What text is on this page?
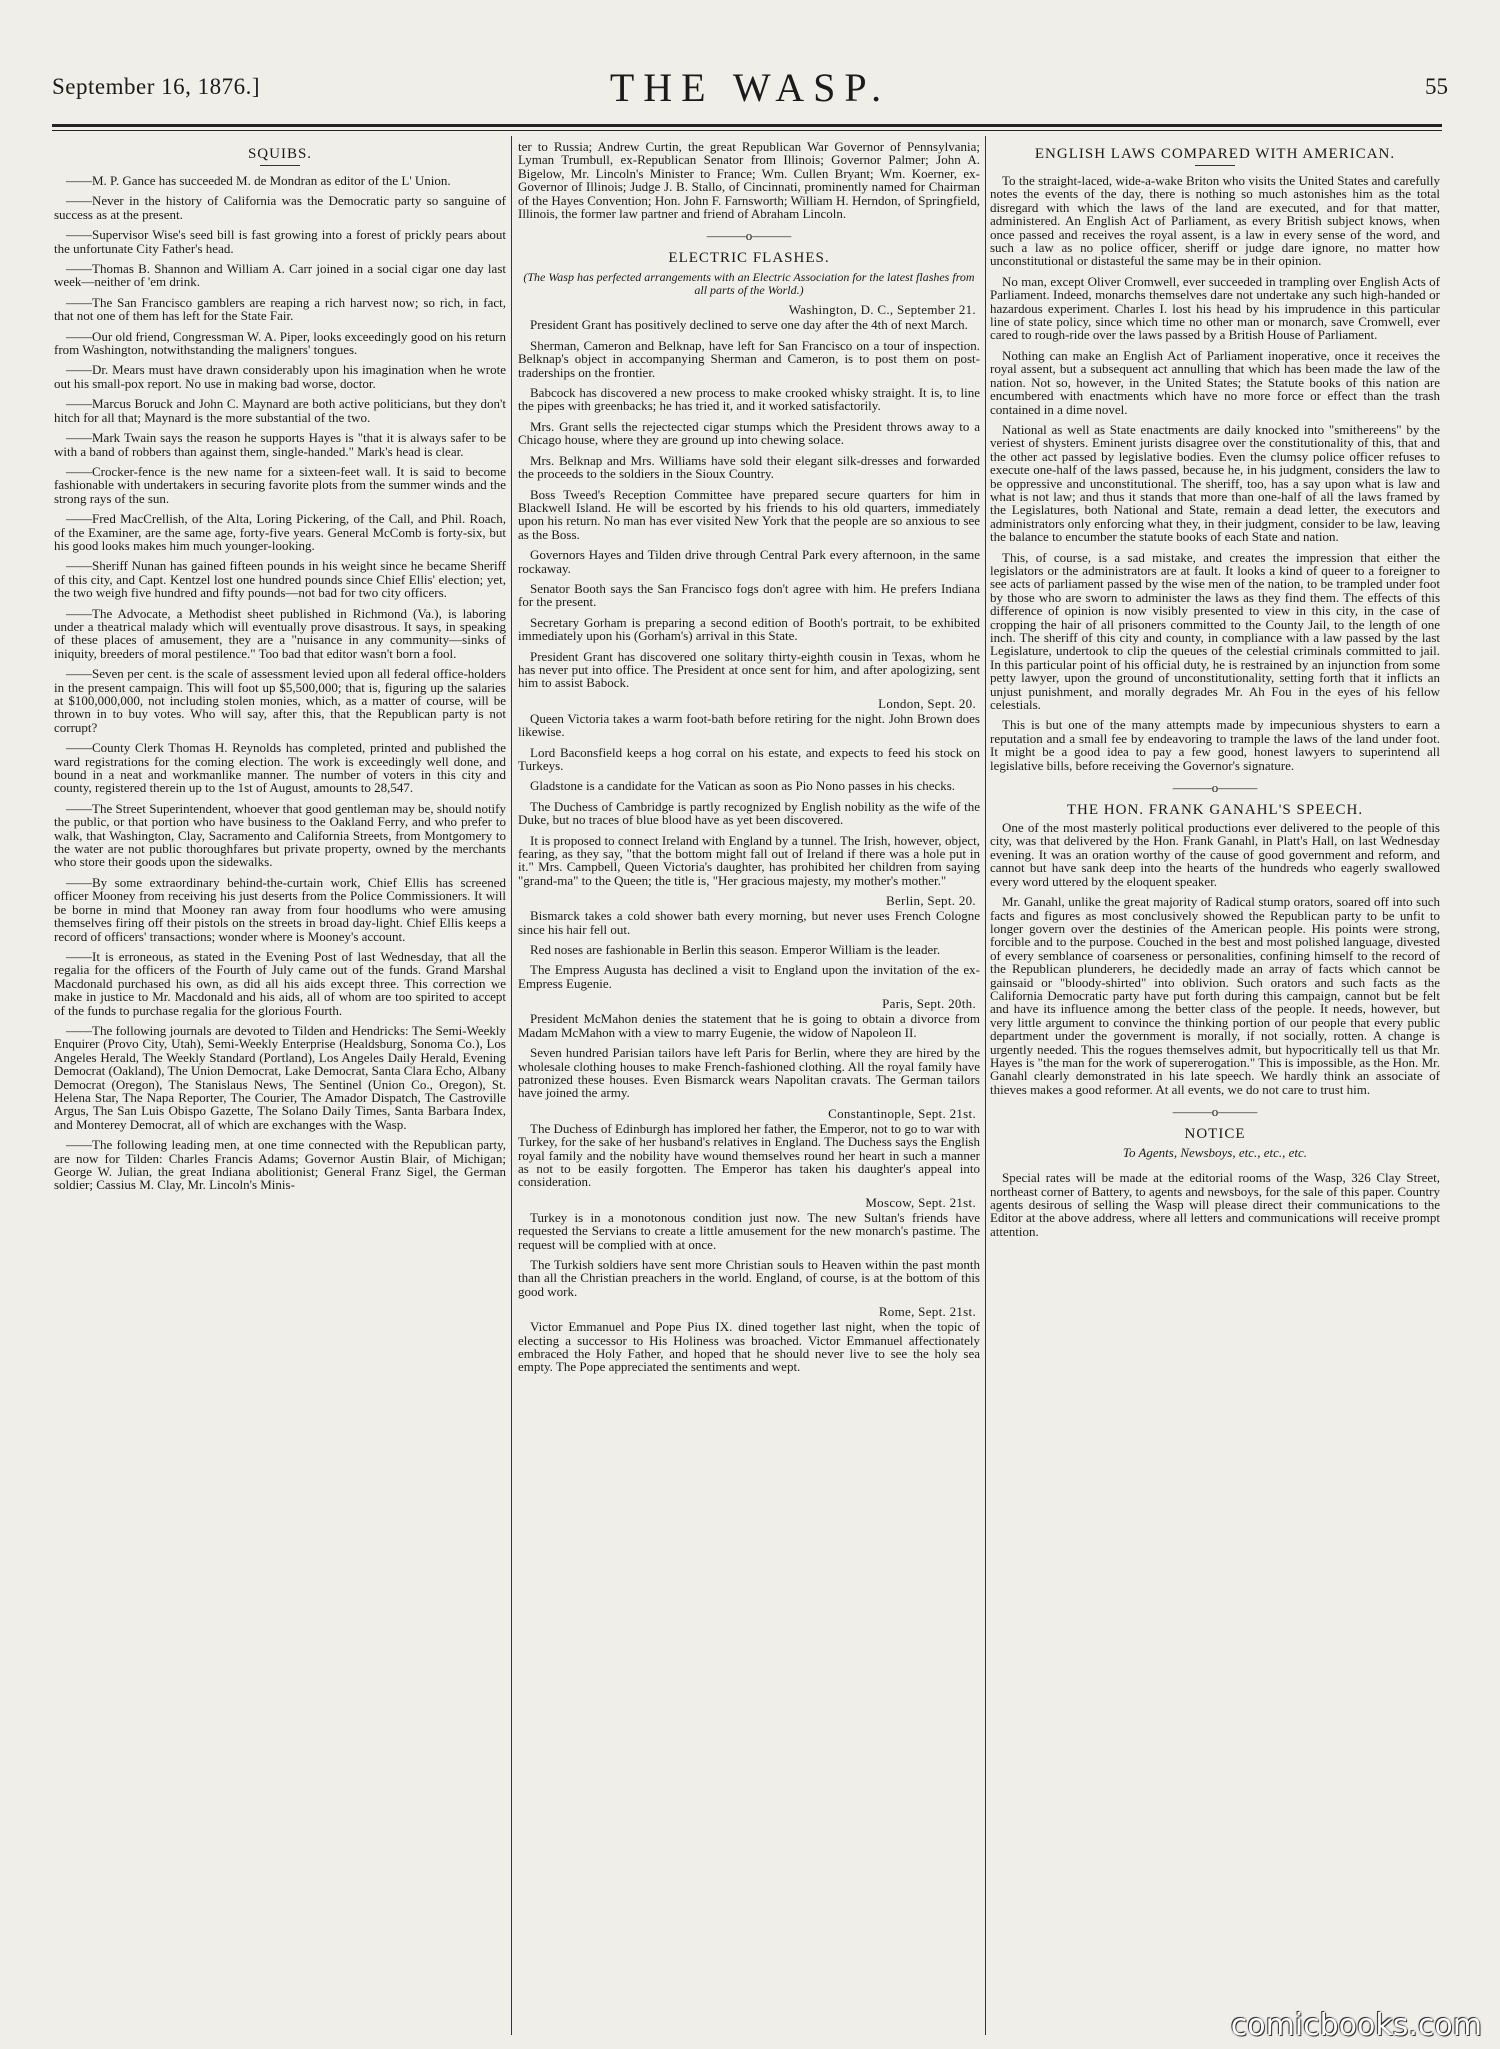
September 16, 1876.]	THE WASP.	55
SQUIBS.

——M. P. Gance has succeeded M. de Mondran as editor of the L' Union.

——Never in the history of California was the Democratic party so sanguine of success as at the present.

——Supervisor Wise's seed bill is fast growing into a forest of prickly pears about the unfortunate City Father's head.

——Thomas B. Shannon and William A. Carr joined in a social cigar one day last week—neither of 'em drink.

——The San Francisco gamblers are reaping a rich harvest now; so rich, in fact, that not one of them has left for the State Fair.

——Our old friend, Congressman W. A. Piper, looks exceedingly good on his return from Washington, notwithstanding the maligners' tongues.

——Dr. Mears must have drawn considerably upon his imagination when he wrote out his small-pox report. No use in making bad worse, doctor.

——Marcus Boruck and John C. Maynard are both active politicians, but they don't hitch for all that; Maynard is the more substantial of the two.

——Mark Twain says the reason he supports Hayes is "that it is always safer to be with a band of robbers than against them, single-handed." Mark's head is clear.

——Crocker-fence is the new name for a sixteen-feet wall. It is said to become fashionable with undertakers in securing favorite plots from the summer winds and the strong rays of the sun.

——Fred MacCrellish, of the Alta, Loring Pickering, of the Call, and Phil. Roach, of the Examiner, are the same age, forty-five years. General McComb is forty-six, but his good looks makes him much younger-looking.

——Sheriff Nunan has gained fifteen pounds in his weight since he became Sheriff of this city, and Capt. Kentzel lost one hundred pounds since Chief Ellis' election; yet, the two weigh five hundred and fifty pounds—not bad for two city officers.

——The Advocate, a Methodist sheet published in Richmond (Va.), is laboring under a theatrical malady which will eventually prove disastrous. It says, in speaking of these places of amusement, they are a "nuisance in any community—sinks of iniquity, breeders of moral pestilence." Too bad that editor wasn't born a fool.

——Seven per cent. is the scale of assessment levied upon all federal office-holders in the present campaign. This will foot up $5,500,000; that is, figuring up the salaries at $100,000,000, not including stolen monies, which, as a matter of course, will be thrown in to buy votes. Who will say, after this, that the Republican party is not corrupt?

——County Clerk Thomas H. Reynolds has completed, printed and published the ward registrations for the coming election. The work is exceedingly well done, and bound in a neat and workmanlike manner. The number of voters in this city and county, registered therein up to the 1st of August, amounts to 28,547.

——The Street Superintendent, whoever that good gentleman may be, should notify the public, or that portion who have business to the Oakland Ferry, and who prefer to walk, that Washington, Clay, Sacramento and California Streets, from Montgomery to the water are not public thoroughfares but private property, owned by the merchants who store their goods upon the sidewalks.

——By some extraordinary behind-the-curtain work, Chief Ellis has screened officer Mooney from receiving his just deserts from the Police Commissioners. It will be borne in mind that Mooney ran away from four hoodlums who were amusing themselves firing off their pistols on the streets in broad day-light. Chief Ellis keeps a record of officers' transactions; wonder where is Mooney's account.

——It is erroneous, as stated in the Evening Post of last Wednesday, that all the regalia for the officers of the Fourth of July came out of the funds. Grand Marshal Macdonald purchased his own, as did all his aids except three. This correction we make in justice to Mr. Macdonald and his aids, all of whom are too spirited to accept of the funds to purchase regalia for the glorious Fourth.

——The following journals are devoted to Tilden and Hendricks: The Semi-Weekly Enquirer (Provo City, Utah), Semi-Weekly Enterprise (Healdsburg, Sonoma Co.), Los Angeles Herald, The Weekly Standard (Portland), Los Angeles Daily Herald, Evening Democrat (Oakland), The Union Democrat, Lake Democrat, Santa Clara Echo, Albany Democrat (Oregon), The Stanislaus News, The Sentinel (Union Co., Oregon), St. Helena Star, The Napa Reporter, The Courier, The Amador Dispatch, The Castroville Argus, The San Luis Obispo Gazette, The Solano Daily Times, Santa Barbara Index, and Monterey Democrat, all of which are exchanges with the Wasp.

——The following leading men, at one time connected with the Republican party, are now for Tilden: Charles Francis Adams; Governor Austin Blair, of Michigan; George W. Julian, the great Indiana abolitionist; General Franz Sigel, the German soldier; Cassius M. Clay, Mr. Lincoln's Minis-

ter to Russia; Andrew Curtin, the great Republican War Governor of Pennsylvania; Lyman Trumbull, ex-Republican Senator from Illinois; Governor Palmer; John A. Bigelow, Mr. Lincoln's Minister to France; Wm. Cullen Bryant; Wm. Koerner, ex-Governor of Illinois; Judge J. B. Stallo, of Cincinnati, prominently named for Chairman of the Hayes Convention; Hon. John F. Farnsworth; William H. Herndon, of Springfield, Illinois, the former law partner and friend of Abraham Lincoln.

———o———
ELECTRIC FLASHES.

(The Wasp has perfected arrangements with an Electric Association for the latest flashes from all parts of the World.)

Washington, D. C., September 21.

President Grant has positively declined to serve one day after the 4th of next March.

Sherman, Cameron and Belknap, have left for San Francisco on a tour of inspection. Belknap's object in accompanying Sherman and Cameron, is to post them on post-traderships on the frontier.

Babcock has discovered a new process to make crooked whisky straight. It is, to line the pipes with greenbacks; he has tried it, and it worked satisfactorily.

Mrs. Grant sells the rejectected cigar stumps which the President throws away to a Chicago house, where they are ground up into chewing solace.

Mrs. Belknap and Mrs. Williams have sold their elegant silk-dresses and forwarded the proceeds to the soldiers in the Sioux Country.

Boss Tweed's Reception Committee have prepared secure quarters for him in Blackwell Island. He will be escorted by his friends to his old quarters, immediately upon his return. No man has ever visited New York that the people are so anxious to see as the Boss.

Governors Hayes and Tilden drive through Central Park every afternoon, in the same rockaway.

Senator Booth says the San Francisco fogs don't agree with him. He prefers Indiana for the present.

Secretary Gorham is preparing a second edition of Booth's portrait, to be exhibited immediately upon his (Gorham's) arrival in this State.

President Grant has discovered one solitary thirty-eighth cousin in Texas, whom he has never put into office. The President at once sent for him, and after apologizing, sent him to assist Babock.

London, Sept. 20.

Queen Victoria takes a warm foot-bath before retiring for the night. John Brown does likewise.

Lord Baconsfield keeps a hog corral on his estate, and expects to feed his stock on Turkeys.

Gladstone is a candidate for the Vatican as soon as Pio Nono passes in his checks.

The Duchess of Cambridge is partly recognized by English nobility as the wife of the Duke, but no traces of blue blood have as yet been discovered.

It is proposed to connect Ireland with England by a tunnel. The Irish, however, object, fearing, as they say, "that the bottom might fall out of Ireland if there was a hole put in it." Mrs. Campbell, Queen Victoria's daughter, has prohibited her children from saying "grand-ma" to the Queen; the title is, "Her gracious majesty, my mother's mother."

Berlin, Sept. 20.

Bismarck takes a cold shower bath every morning, but never uses French Cologne since his hair fell out.

Red noses are fashionable in Berlin this season. Emperor William is the leader.

The Empress Augusta has declined a visit to England upon the invitation of the ex-Empress Eugenie.

Paris, Sept. 20th.

President McMahon denies the statement that he is going to obtain a divorce from Madam McMahon with a view to marry Eugenie, the widow of Napoleon II.

Seven hundred Parisian tailors have left Paris for Berlin, where they are hired by the wholesale clothing houses to make French-fashioned clothing. All the royal family have patronized these houses. Even Bismarck wears Napolitan cravats. The German tailors have joined the army.

Constantinople, Sept. 21st.

The Duchess of Edinburgh has implored her father, the Emperor, not to go to war with Turkey, for the sake of her husband's relatives in England. The Duchess says the English royal family and the nobility have wound themselves round her heart in such a manner as not to be easily forgotten. The Emperor has taken his daughter's appeal into consideration.

Moscow, Sept. 21st.

Turkey is in a monotonous condition just now. The new Sultan's friends have requested the Servians to create a little amusement for the new monarch's pastime. The request will be complied with at once.

The Turkish soldiers have sent more Christian souls to Heaven within the past month than all the Christian preachers in the world. England, of course, is at the bottom of this good work.

Rome, Sept. 21st.

Victor Emmanuel and Pope Pius IX. dined together last night, when the topic of electing a successor to His Holiness was broached. Victor Emmanuel affectionately embraced the Holy Father, and hoped that he should never live to see the holy sea empty. The Pope appreciated the sentiments and wept.

ENGLISH LAWS COMPARED WITH AMERICAN.

To the straight-laced, wide-a-wake Briton who visits the United States and carefully notes the events of the day, there is nothing so much astonishes him as the total disregard with which the laws of the land are executed, and for that matter, administered. An English Act of Parliament, as every British subject knows, when once passed and receives the royal assent, is a law in every sense of the word, and such a law as no police officer, sheriff or judge dare ignore, no matter how unconstitutional or distasteful the same may be in their opinion.

No man, except Oliver Cromwell, ever succeeded in trampling over English Acts of Parliament. Indeed, monarchs themselves dare not undertake any such high-handed or hazardous experiment. Charles I. lost his head by his imprudence in this particular line of state policy, since which time no other man or monarch, save Cromwell, ever cared to rough-ride over the laws passed by a British House of Parliament.

Nothing can make an English Act of Parliament inoperative, once it receives the royal assent, but a subsequent act annulling that which has been made the law of the nation. Not so, however, in the United States; the Statute books of this nation are encumbered with enactments which have no more force or effect than the trash contained in a dime novel.

National as well as State enactments are daily knocked into "smithereens" by the veriest of shysters. Eminent jurists disagree over the constitutionality of this, that and the other act passed by legislative bodies. Even the clumsy police officer refuses to execute one-half of the laws passed, because he, in his judgment, considers the law to be oppressive and unconstitutional. The sheriff, too, has a say upon what is law and what is not law; and thus it stands that more than one-half of all the laws framed by the Legislatures, both National and State, remain a dead letter, the executors and administrators only enforcing what they, in their judgment, consider to be law, leaving the balance to encumber the statute books of each State and nation.

This, of course, is a sad mistake, and creates the impression that either the legislators or the administrators are at fault. It looks a kind of queer to a foreigner to see acts of parliament passed by the wise men of the nation, to be trampled under foot by those who are sworn to administer the laws as they find them. The effects of this difference of opinion is now visibly presented to view in this city, in the case of cropping the hair of all prisoners committed to the County Jail, to the length of one inch. The sheriff of this city and county, in compliance with a law passed by the last Legislature, undertook to clip the queues of the celestial criminals committed to jail. In this particular point of his official duty, he is restrained by an injunction from some petty lawyer, upon the ground of unconstitutionality, setting forth that it inflicts an unjust punishment, and morally degrades Mr. Ah Fou in the eyes of his fellow celestials.

This is but one of the many attempts made by impecunious shysters to earn a reputation and a small fee by endeavoring to trample the laws of the land under foot. It might be a good idea to pay a few good, honest lawyers to superintend all legislative bills, before receiving the Governor's signature.

———o———
THE HON. FRANK GANAHL'S SPEECH.

One of the most masterly political productions ever delivered to the people of this city, was that delivered by the Hon. Frank Ganahl, in Platt's Hall, on last Wednesday evening. It was an oration worthy of the cause of good government and reform, and cannot but have sank deep into the hearts of the hundreds who eagerly swallowed every word uttered by the eloquent speaker.

Mr. Ganahl, unlike the great majority of Radical stump orators, soared off into such facts and figures as most conclusively showed the Republican party to be unfit to longer govern over the destinies of the American people. His points were strong, forcible and to the purpose. Couched in the best and most polished language, divested of every semblance of coarseness or personalities, confining himself to the record of the Republican plunderers, he decidedly made an array of facts which cannot be gainsaid or "bloody-shirted" into oblivion. Such orators and such facts as the California Democratic party have put forth during this campaign, cannot but be felt and have its influence among the better class of the people. It needs, however, but very little argument to convince the thinking portion of our people that every public department under the government is morally, if not socially, rotten. A change is urgently needed. This the rogues themselves admit, but hypocritically tell us that Mr. Hayes is "the man for the work of supererogation." This is impossible, as the Hon. Mr. Ganahl clearly demonstrated in his late speech. We hardly think an associate of thieves makes a good reformer. At all events, we do not care to trust him.

———o———
NOTICE
To Agents, Newsboys, etc., etc., etc.

Special rates will be made at the editorial rooms of the Wasp, 326 Clay Street, northeast corner of Battery, to agents and newsboys, for the sale of this paper. Country agents desirous of selling the Wasp will please direct their communications to the Editor at the above address, where all letters and communications will receive prompt attention.

comicbooks.com
